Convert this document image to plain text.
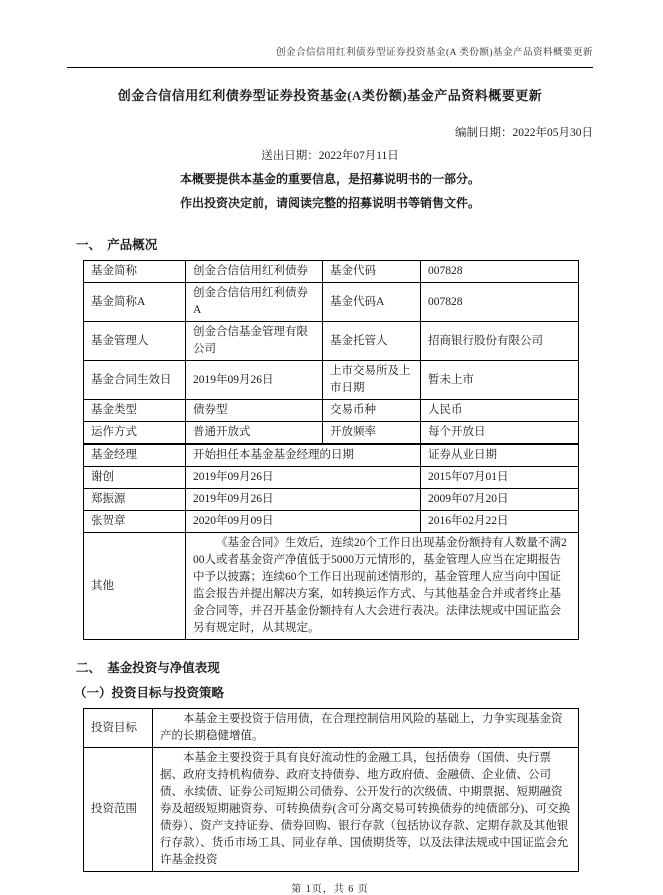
创金合信信用红利债券型证券投资基金(A 类份额)基金产品资料概要更新
创金合信信用红利债券型证券投资基金(A类份额)基金产品资料概要更新
编制日期：2022年05月30日
送出日期：2022年07月11日
本概要提供本基金的重要信息，是招募说明书的一部分。
作出投资决定前，请阅读完整的招募说明书等销售文件。
一、　产品概况
基金简称	创金合信信用红利债券	基金代码	007828
基金简称A	创金合信信用红利债券A	基金代码A	007828
基金管理人	创金合信基金管理有限公司	基金托管人	招商银行股份有限公司
基金合同生效日	2019年09月26日	上市交易所及上市日期	暂未上市
基金类型	债券型	交易币种	人民币
运作方式	普通开放式	开放频率	每个开放日
基金经理	开始担任本基金基金经理的日期		证券从业日期
谢创	2019年09月26日		2015年07月01日
郑振源	2019年09月26日		2009年07月20日
张贺章	2020年09月09日		2016年02月22日
其他	《基金合同》生效后，连续20个工作日出现基金份额持有人数量不满200人或者基金资产净值低于5000万元情形的，基金管理人应当在定期报告中予以披露；连续60个工作日出现前述情形的，基金管理人应当向中国证监会报告并提出解决方案，如转换运作方式、与其他基金合并或者终止基金合同等，并召开基金份额持有人大会进行表决。法律法规或中国证监会另有规定时，从其规定。		
二、　基金投资与净值表现
（一）投资目标与投资策略
投资目标	本基金主要投资于信用债，在合理控制信用风险的基础上，力争实现基金资产的长期稳健增值。

投资范围	本基金主要投资于具有良好流动性的金融工具，包括债券（国债、央行票据、政府支持机构债券、政府支持债券、地方政府债、金融债、企业债、公司债、永续债、证券公司短期公司债券、公开发行的次级债、中期票据、短期融资券及超级短期融资券、可转换债券(含可分离交易可转换债券的纯债部分)、可交换债券）、资产支持证券、债券回购、银行存款（包括协议存款、定期存款及其他银行存款）、货币市场工具、同业存单、国债期货等，以及法律法规或中国证监会允许基金投资
第 1页，共 6 页
